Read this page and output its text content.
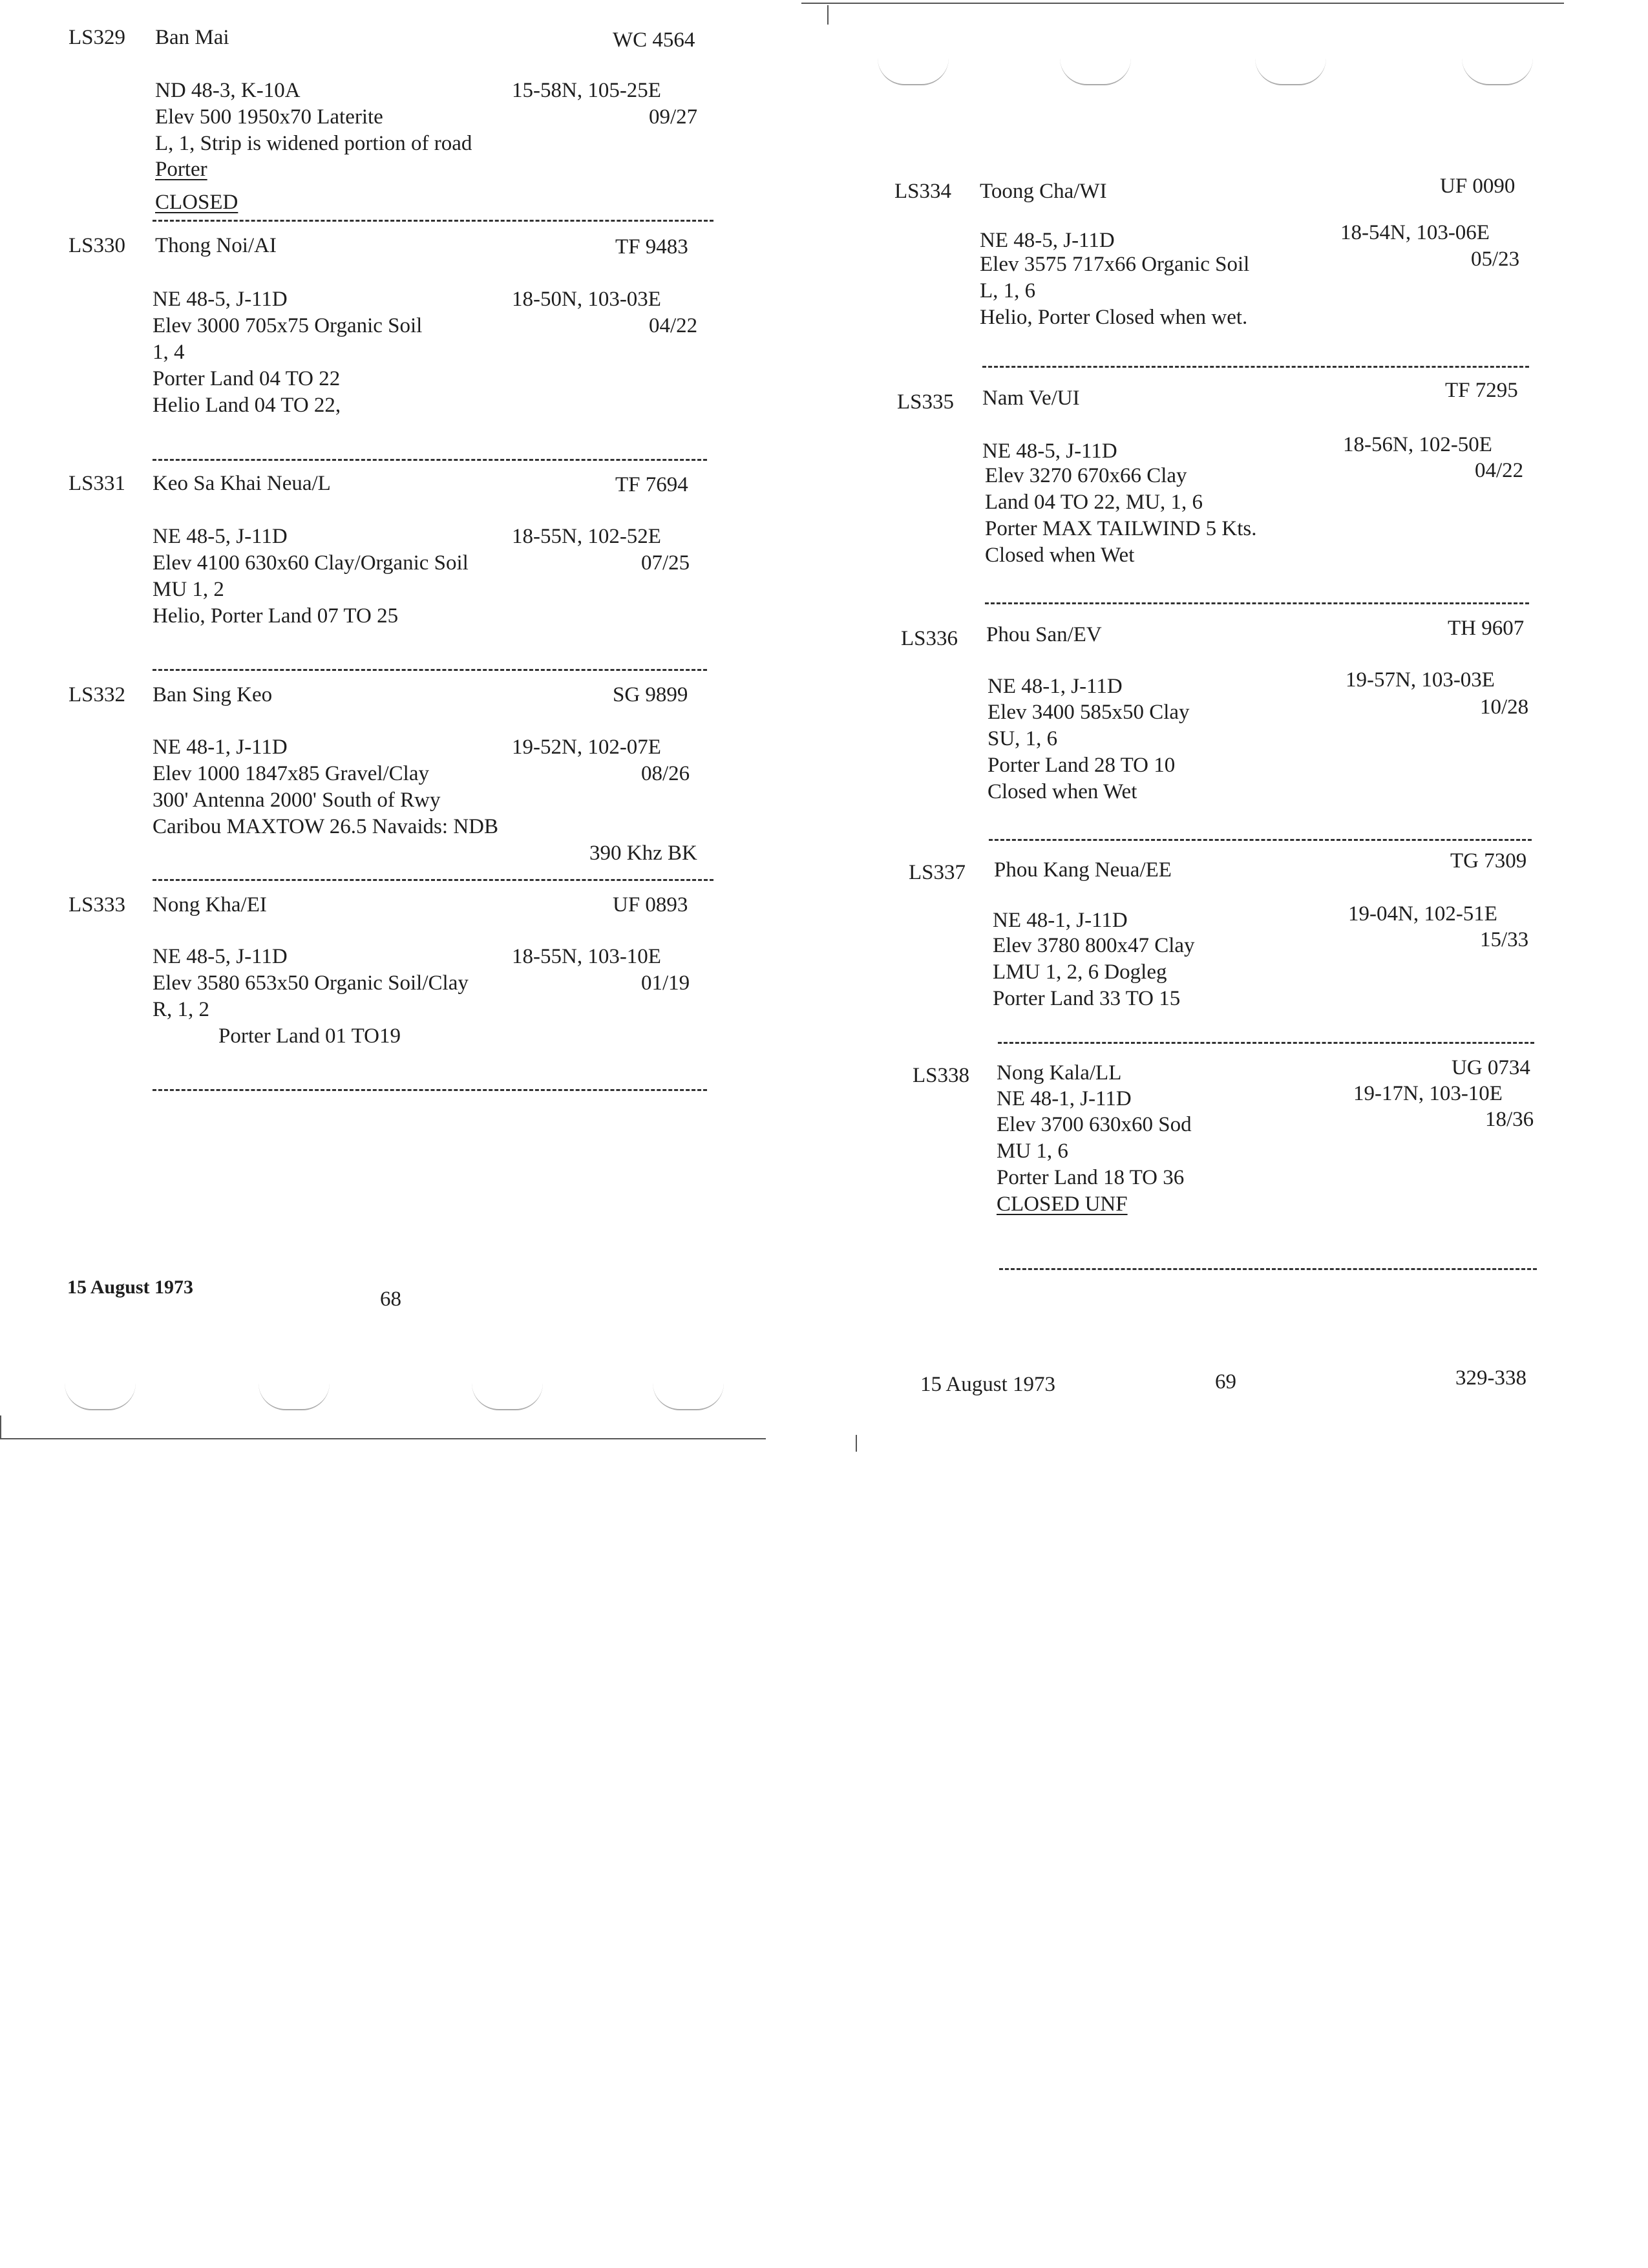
LS329 Ban Mai	WC 4564
ND 48-3, K-10A	15-58N, 105-25E
Elev 500 1950x70 Laterite	09/27
L, 1, Strip is widened portion of road
Porter
CLOSED
LS330 Thong Noi/AI	TF 9483
NE 48-5, J-11D	18-50N, 103-03E
Elev 3000 705x75 Organic Soil	04/22
1, 4
Porter Land 04 TO 22
Helio Land 04 TO 22,
LS331 Keo Sa Khai Neua/L	TF 7694
NE 48-5, J-11D	18-55N, 102-52E
Elev 4100 630x60 Clay/Organic Soil	07/25
MU 1, 2
Helio, Porter Land 07 TO 25
LS332 Ban Sing Keo	SG 9899
NE 48-1, J-11D	19-52N, 102-07E
Elev 1000 1847x85 Gravel/Clay	08/26
300' Antenna 2000' South of Rwy
Caribou MAXTOW 26.5 Navaids: NDB
390 Khz BK
LS333 Nong Kha/EI	UF 0893
NE 48-5, J-11D	18-55N, 103-10E
Elev 3580 653x50 Organic Soil/Clay	01/19
R, 1, 2
Porter Land 01 TO19
15 August 1973
68
LS334 Toong Cha/WI	UF 0090
NE 48-5, J-11D	18-54N, 103-06E
Elev 3575 717x66 Organic Soil	05/23
L, 1, 6
Helio, Porter Closed when wet.
LS335 Nam Ve/UI	TF 7295
NE 48-5, J-11D	18-56N, 102-50E
Elev 3270 670x66 Clay	04/22
Land 04 TO 22, MU, 1, 6
Porter MAX TAILWIND 5 Kts.
Closed when Wet
LS336 Phou San/EV	TH 9607
NE 48-1, J-11D	19-57N, 103-03E
Elev 3400 585x50 Clay	10/28
SU, 1, 6
Porter Land 28 TO 10
Closed when Wet
LS337 Phou Kang Neua/EE	TG 7309
NE 48-1, J-11D	19-04N, 102-51E
Elev 3780 800x47 Clay	15/33
LMU 1, 2, 6 Dogleg
Porter Land 33 TO 15
LS338 Nong Kala/LL	UG 0734
NE 48-1, J-11D	19-17N, 103-10E
Elev 3700 630x60 Sod	18/36
MU 1, 6
Porter Land 18 TO 36
CLOSED UNF
15 August 1973	69	329-338
